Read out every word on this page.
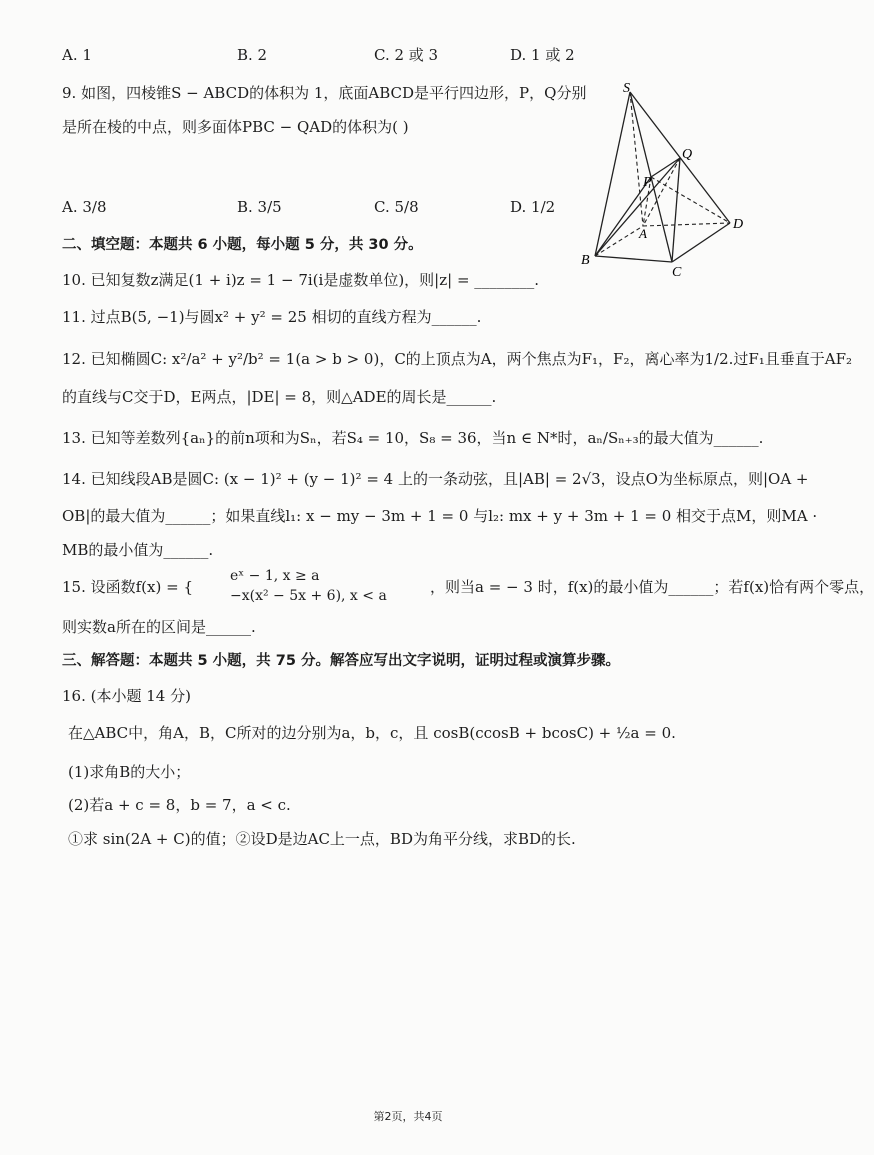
A. 1	B. 2	C. 2 或 3	D. 1 或 2
9. 如图，四棱锥S − ABCD的体积为 1，底面ABCD是平行四边形，P，Q分别
是所在棱的中点，则多面体PBC − QAD的体积为( )
A. 3/8	B. 3/5	C. 5/8	D. 1/2
S
Q
P
A
B
C
D
二、填空题：本题共 6 小题，每小题 5 分，共 30 分。
10. 已知复数z满足(1 + i)z = 1 − 7i(i是虚数单位)，则|z| = ________.
11. 过点B(5, −1)与圆x² + y² = 25 相切的直线方程为______.
12. 已知椭圆C: x²/a² + y²/b² = 1(a > b > 0)，C的上顶点为A，两个焦点为F₁，F₂，离心率为1/2.过F₁且垂直于AF₂
的直线与C交于D，E两点，|DE| = 8，则△ADE的周长是______.
13. 已知等差数列{aₙ}的前n项和为Sₙ，若S₄ = 10，S₈ = 36，当n ∈ N*时，aₙ/Sₙ₊₃的最大值为______.
14. 已知线段AB是圆C: (x − 1)² + (y − 1)² = 4 上的一条动弦，且|AB| = 2√3，设点O为坐标原点，则|OA +
OB|的最大值为______；如果直线l₁: x − my − 3m + 1 = 0 与l₂: mx + y + 3m + 1 = 0 相交于点M，则MA ·
MB的最小值为______.
15. 设函数f(x) = {
eˣ − 1, x ≥ a
−x(x² − 5x + 6), x < a	，则当a = − 3 时，f(x)的最小值为______；若f(x)恰有两个零点，
则实数a所在的区间是______.
三、解答题：本题共 5 小题，共 75 分。解答应写出文字说明，证明过程或演算步骤。
16. (本小题 14 分)
在△ABC中，角A，B，C所对的边分别为a，b，c，且 cosB(ccosB + bcosC) + ½a = 0.
(1)求角B的大小；
(2)若a + c = 8，b = 7，a < c.
①求 sin(2A + C)的值；②设D是边AC上一点，BD为角平分线，求BD的长.
第2页，共4页
